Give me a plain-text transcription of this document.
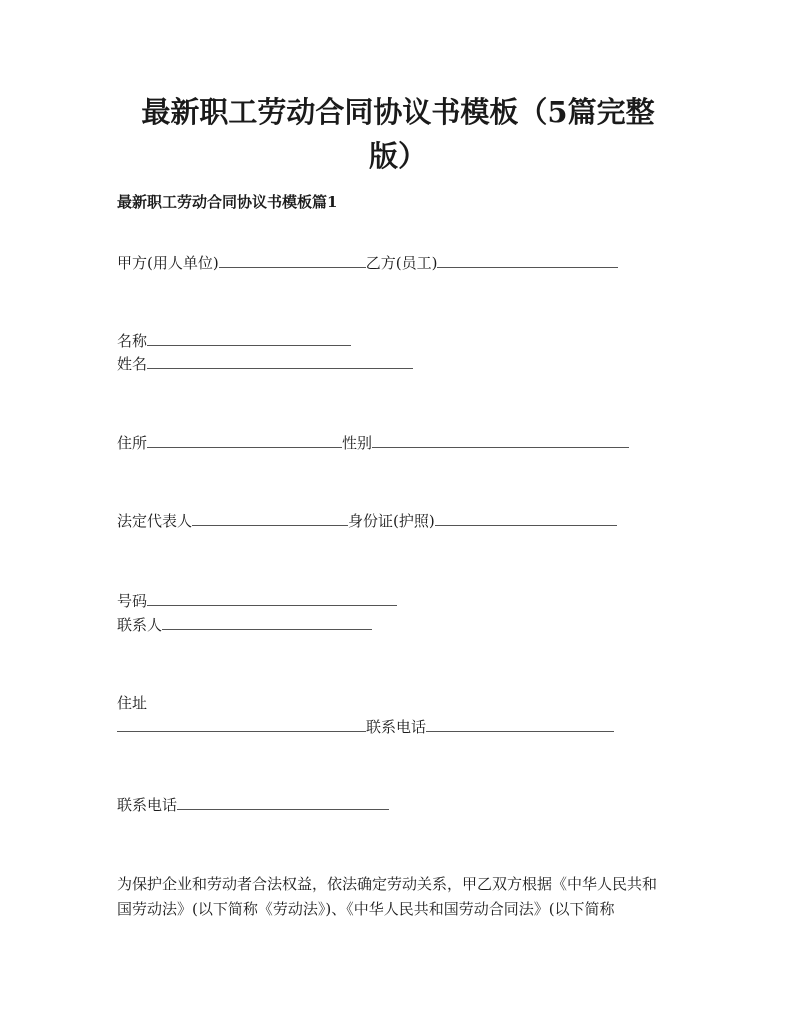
最新职工劳动合同协议书模板（5篇完整
版）

最新职工劳动合同协议书模板篇1

甲方(用人单位)	乙方(员工)

名称

姓名

住所	性别

法定代表人	身份证(护照)

号码

联系人

住址

联系电话

联系电话

为保护企业和劳动者合法权益，依法确定劳动关系，甲乙双方根据《中华人民共和
国劳动法》(以下简称《劳动法》)、《中华人民共和国劳动合同法》(以下简称
